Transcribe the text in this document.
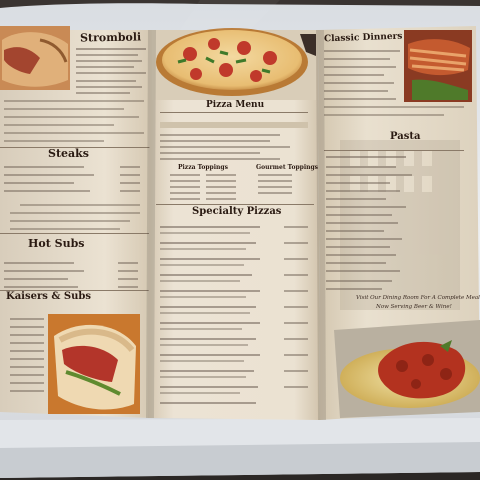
Stromboli
Steaks
Hot Subs
Kaisers & Subs
Pizza Menu
Pizza Toppings	Gourmet Toppings
Specialty Pizzas
Classic Dinners
Pasta
Visit Our Dining Room For A Complete Meal
Now Serving Beer & Wine!
